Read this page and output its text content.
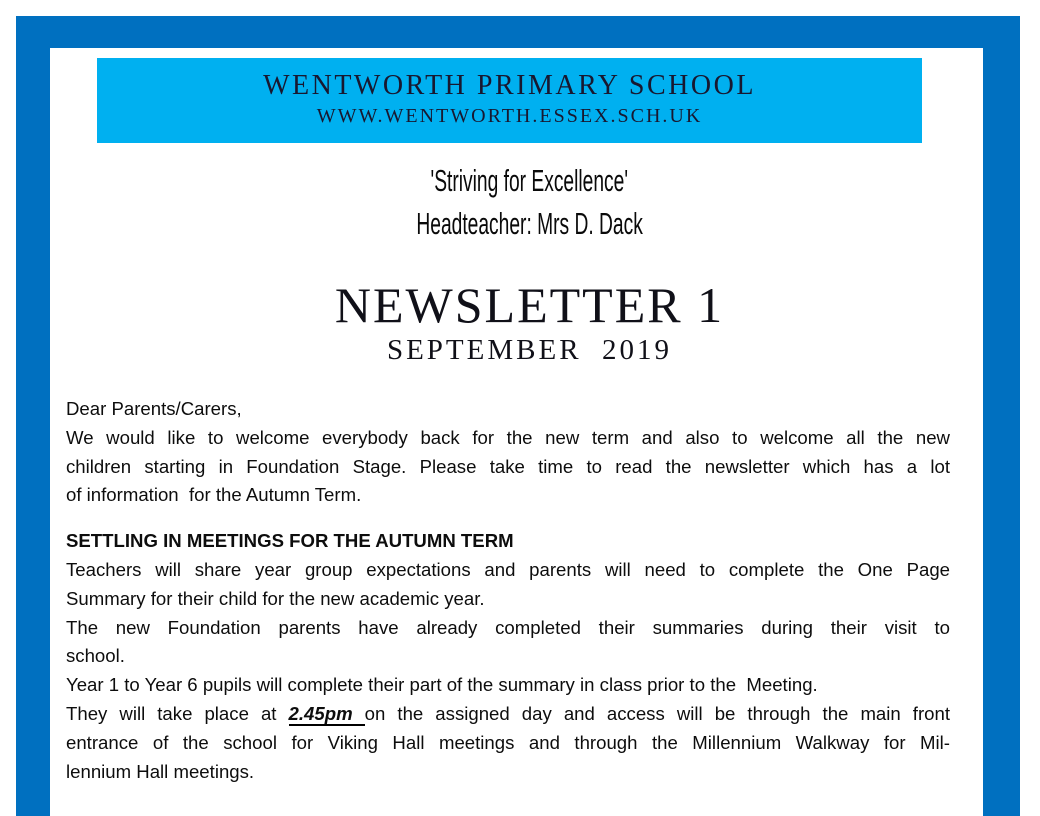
WENTWORTH PRIMARY SCHOOL
WWW.WENTWORTH.ESSEX.SCH.UK
'Striving for Excellence'
Headteacher: Mrs D. Dack
NEWSLETTER 1
SEPTEMBER  2019
Dear Parents/Carers,
We would like to welcome everybody back for the new term and also to welcome all the new
children starting in Foundation Stage. Please take time to read the newsletter which has a lot
of information  for the Autumn Term.
SETTLING IN MEETINGS FOR THE AUTUMN TERM
Teachers will share year group expectations and parents will need to complete the One Page
Summary for their child for the new academic year.
The new Foundation parents have already completed their summaries during their visit to
school.
Year 1 to Year 6 pupils will complete their part of the summary in class prior to the  Meeting.
They will take place at 2.45pm on the assigned day and access will be through the main front
entrance of the school for Viking Hall meetings and through the Millennium Walkway for Mil-
lennium Hall meetings.
